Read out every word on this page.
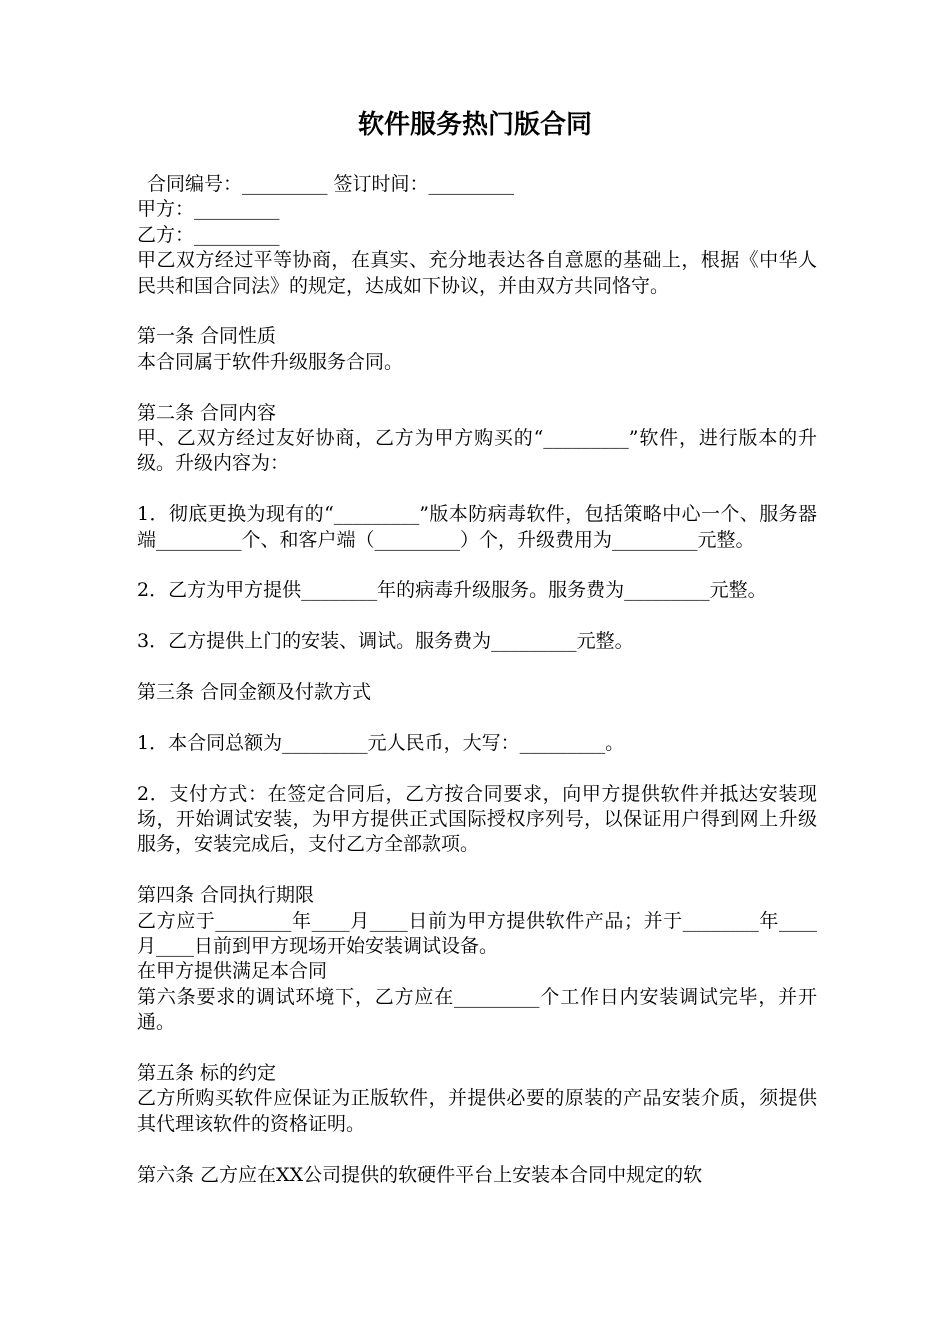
软件服务热门版合同

合同编号：_________ 签订时间：_________

甲方：_________

乙方：_________

甲乙双方经过平等协商，在真实、充分地表达各自意愿的基础上，根据《中华人民共和国合同法》的规定，达成如下协议，并由双方共同恪守。

第一条 合同性质

本合同属于软件升级服务合同。

第二条 合同内容

甲、乙双方经过友好协商，乙方为甲方购买的“_________”软件，进行版本的升级。升级内容为：

1．彻底更换为现有的“_________”版本防病毒软件，包括策略中心一个、服务器端_________个、和客户端（_________）个，升级费用为_________元整。

2．乙方为甲方提供________年的病毒升级服务。服务费为_________元整。

3．乙方提供上门的安装、调试。服务费为_________元整。

第三条 合同金额及付款方式

1．本合同总额为_________元人民币，大写：_________。

2．支付方式：在签定合同后，乙方按合同要求，向甲方提供软件并抵达安装现场，开始调试安装，为甲方提供正式国际授权序列号，以保证用户得到网上升级服务，安装完成后，支付乙方全部款项。

第四条 合同执行期限

乙方应于________年____月____日前为甲方提供软件产品；并于________年____月____日前到甲方现场开始安装调试设备。

在甲方提供满足本合同

第六条要求的调试环境下，乙方应在_________个工作日内安装调试完毕，并开通。

第五条 标的约定

乙方所购买软件应保证为正版软件，并提供必要的原装的产品安装介质，须提供其代理该软件的资格证明。

第六条 乙方应在XX公司提供的软硬件平台上安装本合同中规定的软
